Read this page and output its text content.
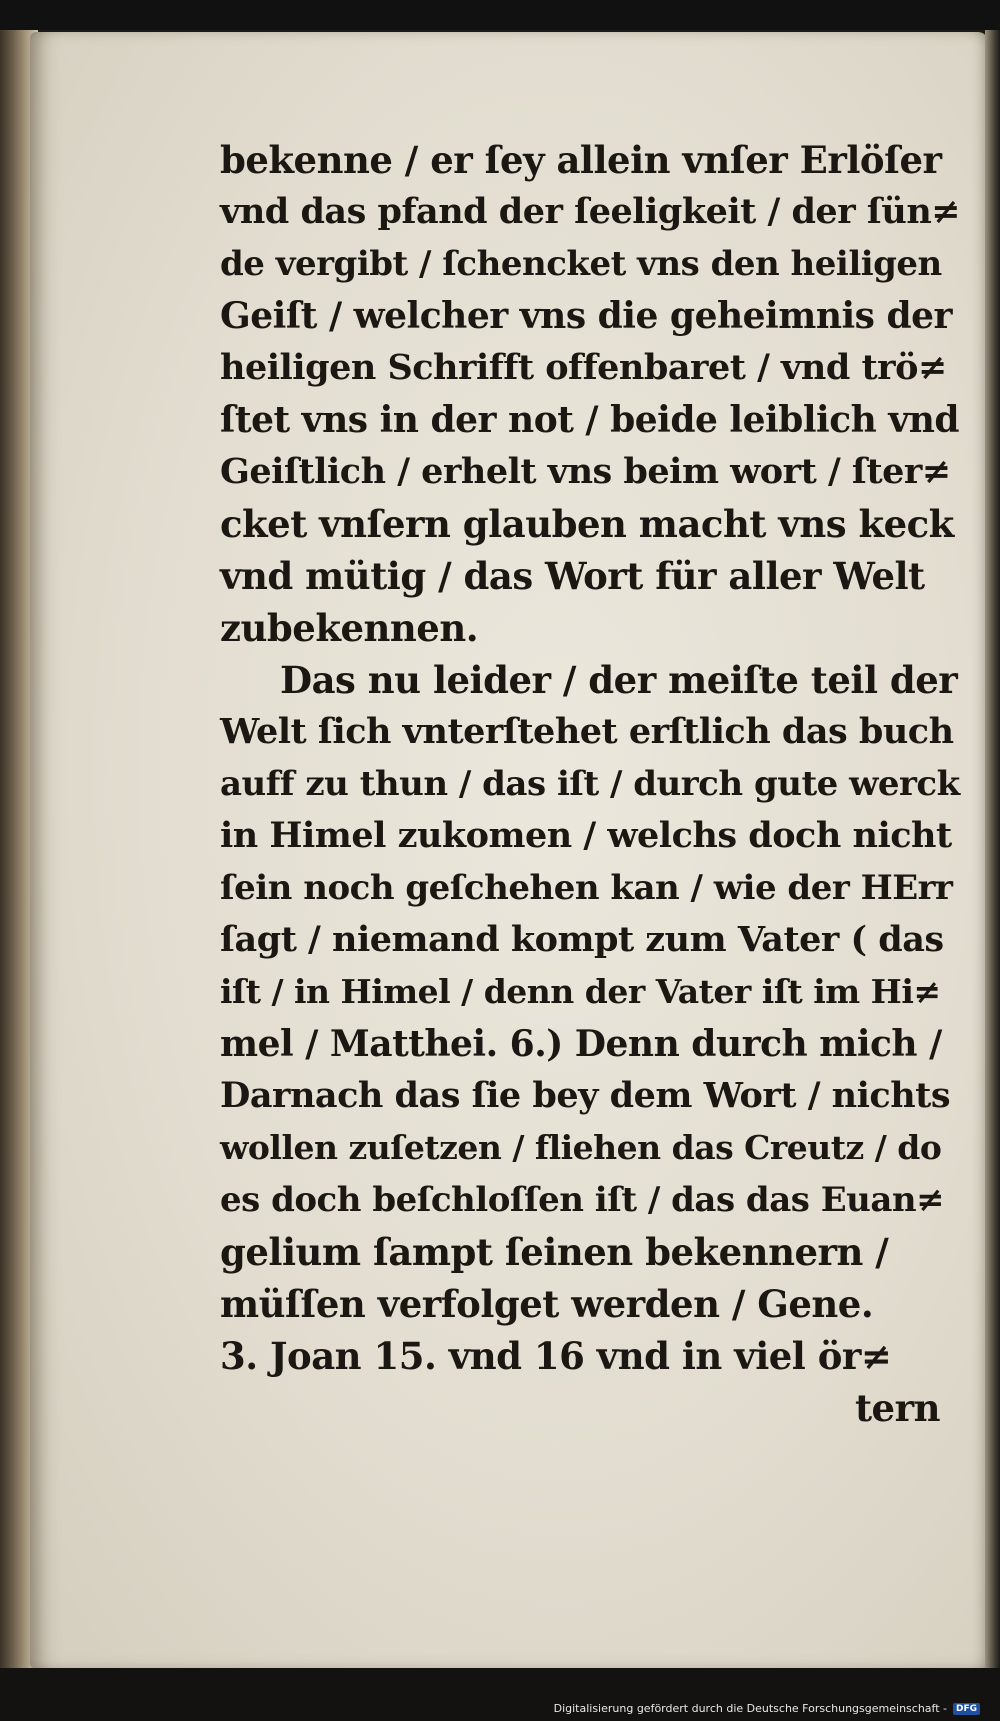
bekenne / er ſey allein vnſer Erlöſer
vnd das pfand der ſeeligkeit / der ſün≠
de vergibt / ſchencket vns den heiligen
Geiſt / welcher vns die geheimnis der
heiligen Schrifft offenbaret / vnd trö≠
ſtet vns in der not / beide leiblich vnd
Geiſtlich / erhelt vns beim wort / ſter≠
cket vnſern glauben macht vns keck
vnd mütig / das Wort für aller Welt
zubekennen.
Das nu leider / der meiſte teil der
Welt ſich vnterſtehet erſtlich das buch
auff zu thun / das iſt / durch gute werck
in Himel zukomen / welchs doch nicht
ſein noch geſchehen kan / wie der HErr
ſagt / niemand kompt zum Vater ( das
iſt / in Himel / denn der Vater iſt im Hi≠
mel / Matthei. 6.) Denn durch mich /
Darnach das ſie bey dem Wort / nichts
wollen zuſetzen / fliehen das Creutz / do
es doch beſchloſſen iſt / das das Euan≠
gelium ſampt ſeinen bekennern /
müſſen verfolget werden / Gene.
3. Joan 15. vnd 16 vnd in viel ör≠
tern
Digitalisierung gefördert durch die Deutsche Forschungsgemeinschaft -	DFG
